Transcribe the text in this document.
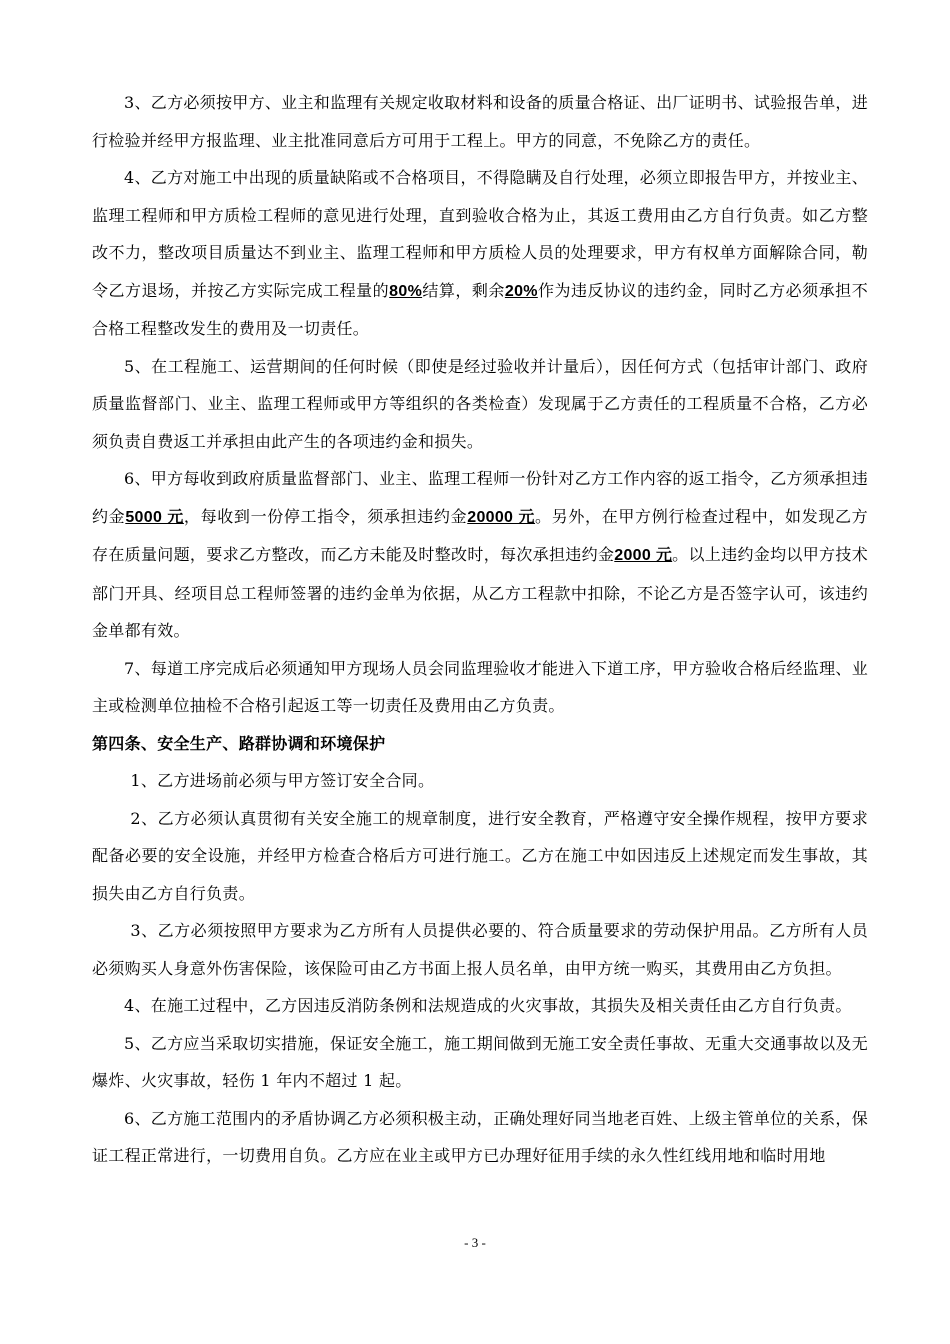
3、乙方必须按甲方、业主和监理有关规定收取材料和设备的质量合格证、出厂证明书、试验报告单，进行检验并经甲方报监理、业主批准同意后方可用于工程上。甲方的同意，不免除乙方的责任。

4、乙方对施工中出现的质量缺陷或不合格项目，不得隐瞒及自行处理，必须立即报告甲方，并按业主、监理工程师和甲方质检工程师的意见进行处理，直到验收合格为止，其返工费用由乙方自行负责。如乙方整改不力，整改项目质量达不到业主、监理工程师和甲方质检人员的处理要求，甲方有权单方面解除合同，勒令乙方退场，并按乙方实际完成工程量的80%结算，剩余20%作为违反协议的违约金，同时乙方必须承担不合格工程整改发生的费用及一切责任。

5、在工程施工、运营期间的任何时候（即使是经过验收并计量后），因任何方式（包括审计部门、政府质量监督部门、业主、监理工程师或甲方等组织的各类检查）发现属于乙方责任的工程质量不合格，乙方必须负责自费返工并承担由此产生的各项违约金和损失。

6、甲方每收到政府质量监督部门、业主、监理工程师一份针对乙方工作内容的返工指令，乙方须承担违约金5000 元，每收到一份停工指令，须承担违约金20000 元。另外，在甲方例行检查过程中，如发现乙方存在质量问题，要求乙方整改，而乙方未能及时整改时，每次承担违约金2000 元。以上违约金均以甲方技术部门开具、经项目总工程师签署的违约金单为依据，从乙方工程款中扣除，不论乙方是否签字认可，该违约金单都有效。

7、每道工序完成后必须通知甲方现场人员会同监理验收才能进入下道工序，甲方验收合格后经监理、业主或检测单位抽检不合格引起返工等一切责任及费用由乙方负责。

第四条、安全生产、路群协调和环境保护

1、乙方进场前必须与甲方签订安全合同。

2、乙方必须认真贯彻有关安全施工的规章制度，进行安全教育，严格遵守安全操作规程，按甲方要求配备必要的安全设施，并经甲方检查合格后方可进行施工。乙方在施工中如因违反上述规定而发生事故，其损失由乙方自行负责。

3、乙方必须按照甲方要求为乙方所有人员提供必要的、符合质量要求的劳动保护用品。乙方所有人员必须购买人身意外伤害保险，该保险可由乙方书面上报人员名单，由甲方统一购买，其费用由乙方负担。

4、在施工过程中，乙方因违反消防条例和法规造成的火灾事故，其损失及相关责任由乙方自行负责。

5、乙方应当采取切实措施，保证安全施工，施工期间做到无施工安全责任事故、无重大交通事故以及无爆炸、火灾事故，轻伤 1 年内不超过 1 起。

6、乙方施工范围内的矛盾协调乙方必须积极主动，正确处理好同当地老百姓、上级主管单位的关系，保证工程正常进行，一切费用自负。乙方应在业主或甲方已办理好征用手续的永久性红线用地和临时用地

- 3 -
